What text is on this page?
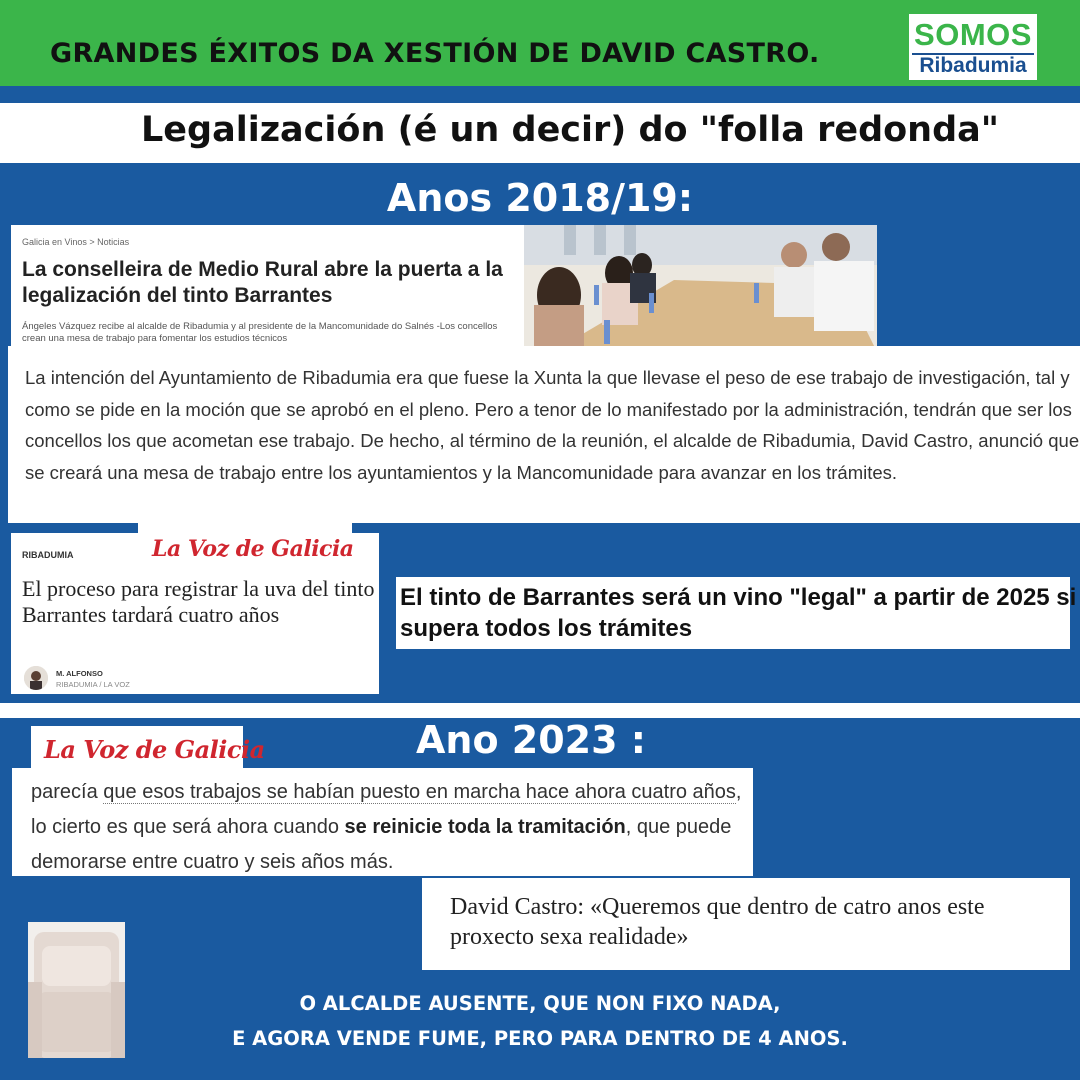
GRANDES ÉXITOS DA XESTIÓN DE DAVID CASTRO.
SOMOS
Ribadumia
Legalización (é un decir) do "folla redonda"
Anos 2018/19:
Galicia en Vinos > Noticias
La conselleira de Medio Rural abre la puerta a la legalización del tinto Barrantes
Ángeles Vázquez recibe al alcalde de Ribadumia y al presidente de la Mancomunidade do Salnés -Los concellos crean una mesa de trabajo para fomentar los estudios técnicos
La intención del Ayuntamiento de Ribadumia era que fuese la Xunta la que llevase el peso de ese trabajo de investigación, tal y como se pide en la moción que se aprobó en el pleno. Pero a tenor de lo manifestado por la administración, tendrán que ser los concellos los que acometan ese trabajo. De hecho, al término de la reunión, el alcalde de Ribadumia, David Castro, anunció que se creará una mesa de trabajo entre los ayuntamientos y la Mancomunidade para avanzar en los trámites.
RIBADUMIA	La Voz de Galicia
El proceso para registrar la uva del tinto Barrantes tardará cuatro años
M. ALFONSO
RIBADUMIA / LA VOZ
El tinto de Barrantes será un vino "legal" a partir de 2025 si supera todos los trámites
Ano 2023 :
La Voz de Galicia
parecía que esos trabajos se habían puesto en marcha hace ahora cuatro años, lo cierto es que será ahora cuando se reinicie toda la tramitación, que puede demorarse entre cuatro y seis años más.
David Castro: «Queremos que dentro de catro anos este proxecto sexa realidade»
O ALCALDE AUSENTE, QUE NON FIXO NADA,
E AGORA VENDE FUME, PERO PARA DENTRO DE 4 ANOS.
